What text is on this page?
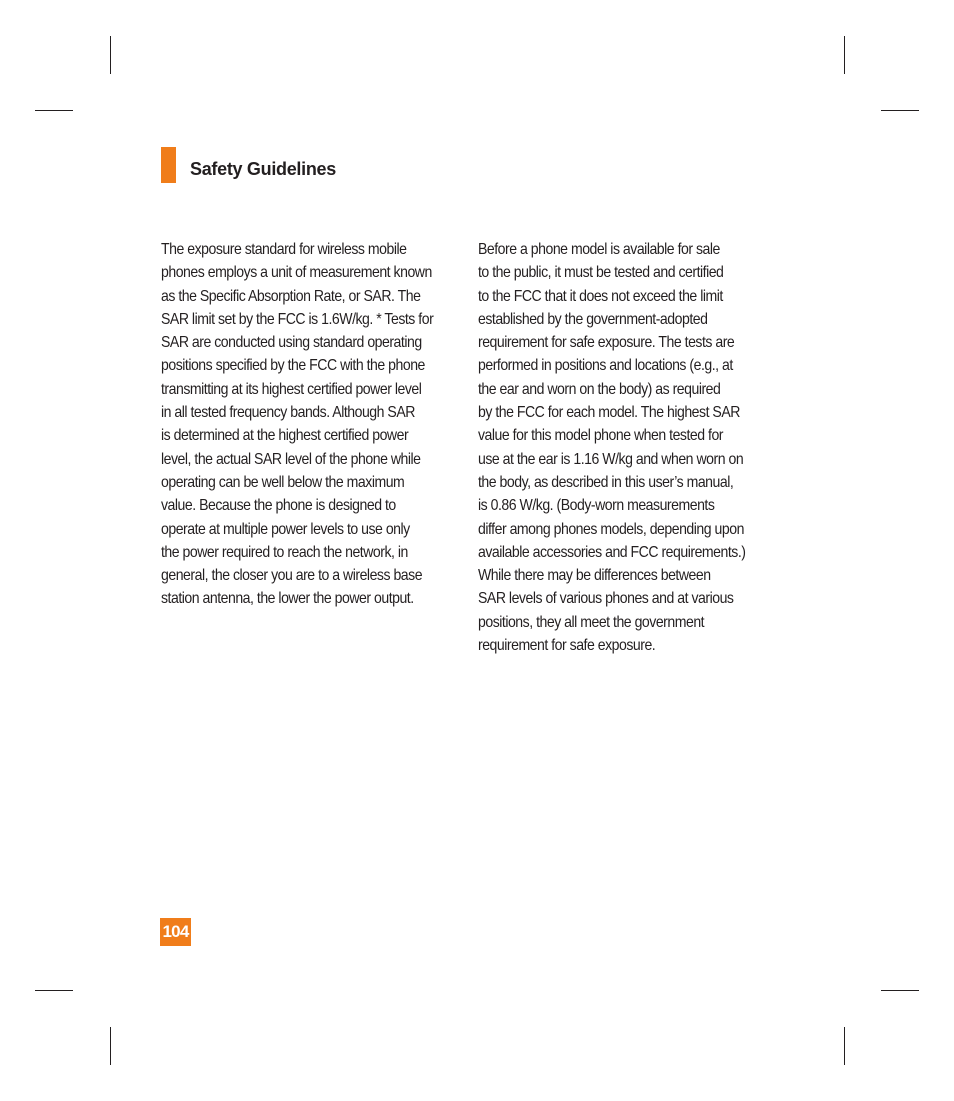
Safety Guidelines
The exposure standard for wireless mobile
phones employs a unit of measurement known
as the Specific Absorption Rate, or SAR. The
SAR limit set by the FCC is 1.6W/kg. * Tests for
SAR are conducted using standard operating
positions specified by the FCC with the phone
transmitting at its highest certified power level
in all tested frequency bands. Although SAR
is determined at the highest certified power
level, the actual SAR level of the phone while
operating can be well below the maximum
value. Because the phone is designed to
operate at multiple power levels to use only
the power required to reach the network, in
general, the closer you are to a wireless base
station antenna, the lower the power output.
Before a phone model is available for sale
to the public, it must be tested and certified
to the FCC that it does not exceed the limit
established by the government-adopted
requirement for safe exposure. The tests are
performed in positions and locations (e.g., at
the ear and worn on the body) as required
by the FCC for each model. The highest SAR
value for this model phone when tested for
use at the ear is 1.16 W/kg and when worn on
the body, as described in this user’s manual,
is 0.86 W/kg. (Body-worn measurements
differ among phones models, depending upon
available accessories and FCC requirements.)
While there may be differences between
SAR levels of various phones and at various
positions, they all meet the government
requirement for safe exposure.
104
